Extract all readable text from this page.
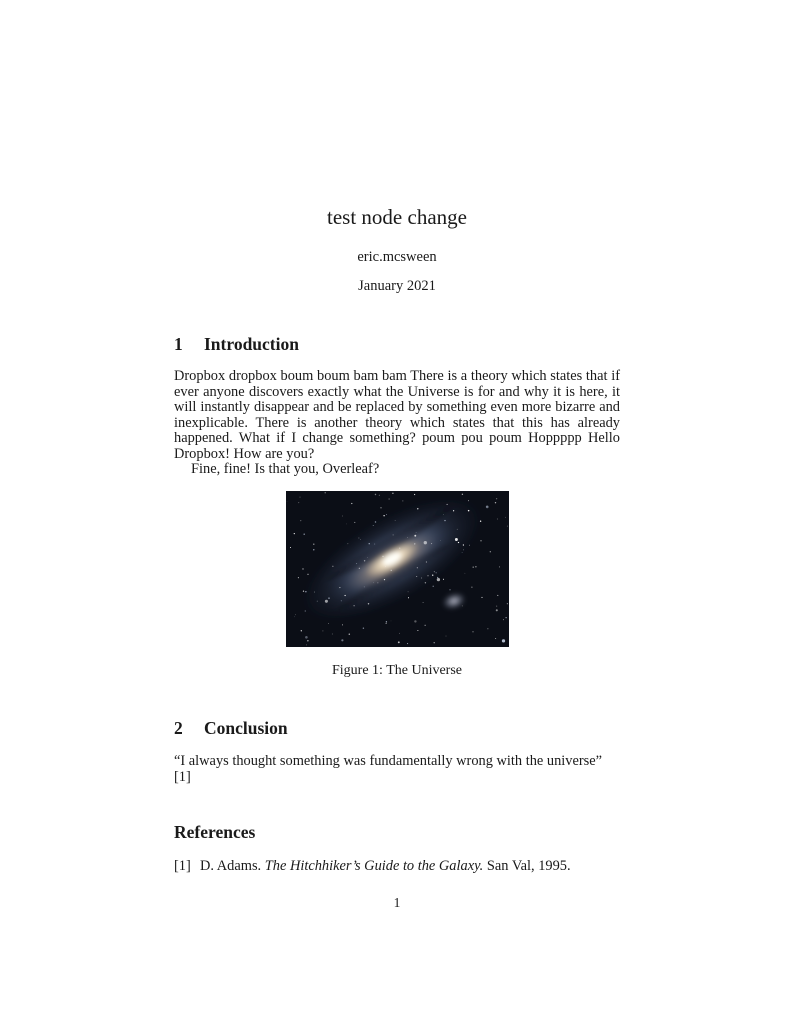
test node change
eric.mcsween
January 2021
1	Introduction
Dropbox dropbox boum boum bam bam There is a theory which states that if ever anyone discovers exactly what the Universe is for and why it is here, it will instantly disappear and be replaced by something even more bizarre and inexplicable. There is another theory which states that this has already happened. What if I change something? poum pou poum Hoppppp Hello Dropbox! How are you?
Fine, fine! Is that you, Overleaf?
Figure 1: The Universe
2	Conclusion
“I always thought something was fundamentally wrong with the universe” [1]
References
[1] D. Adams. The Hitchhiker’s Guide to the Galaxy. San Val, 1995.
1
